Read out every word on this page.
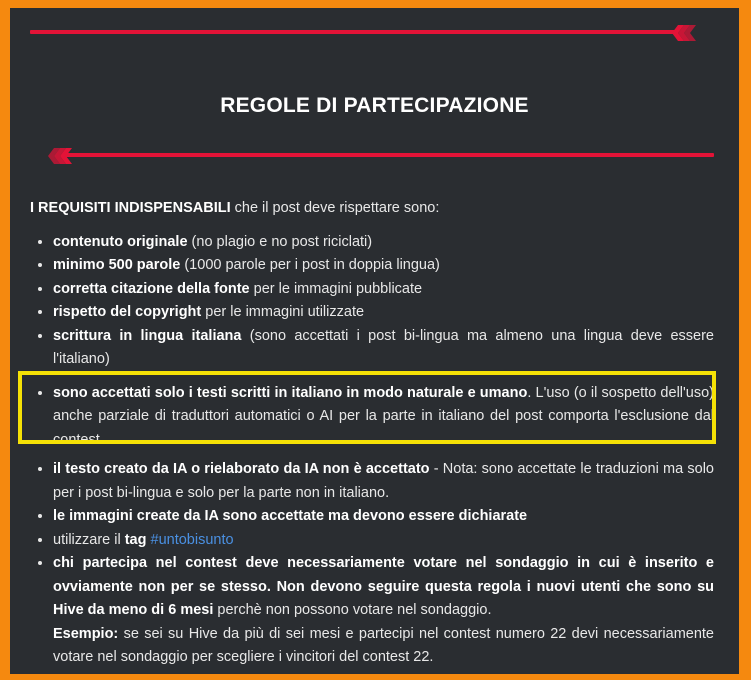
REGOLE DI PARTECIPAZIONE

I REQUISITI INDISPENSABILI che il post deve rispettare sono:

• contenuto originale (no plagio e no post riciclati)
• minimo 500 parole (1000 parole per i post in doppia lingua)
• corretta citazione della fonte per le immagini pubblicate
• rispetto del copyright per le immagini utilizzate
• scrittura in lingua italiana (sono accettati i post bi-lingua ma almeno una lingua deve essere l'italiano)
• sono accettati solo i testi scritti in italiano in modo naturale e umano. L'uso (o il sospetto dell'uso) anche parziale di traduttori automatici o AI per la parte in italiano del post comporta l'esclusione dal contest.
• il testo creato da IA o rielaborato da IA non è accettato - Nota: sono accettate le traduzioni ma solo per i post bi-lingua e solo per la parte non in italiano.
• le immagini create da IA sono accettate ma devono essere dichiarate
• utilizzare il tag #untobisunto
• chi partecipa nel contest deve necessariamente votare nel sondaggio in cui è inserito e ovviamente non per se stesso. Non devono seguire questa regola i nuovi utenti che sono su Hive da meno di 6 mesi perchè non possono votare nel sondaggio.
Esempio: se sei su Hive da più di sei mesi e partecipi nel contest numero 22 devi necessariamente votare nel sondaggio per scegliere i vincitori del contest 22.
